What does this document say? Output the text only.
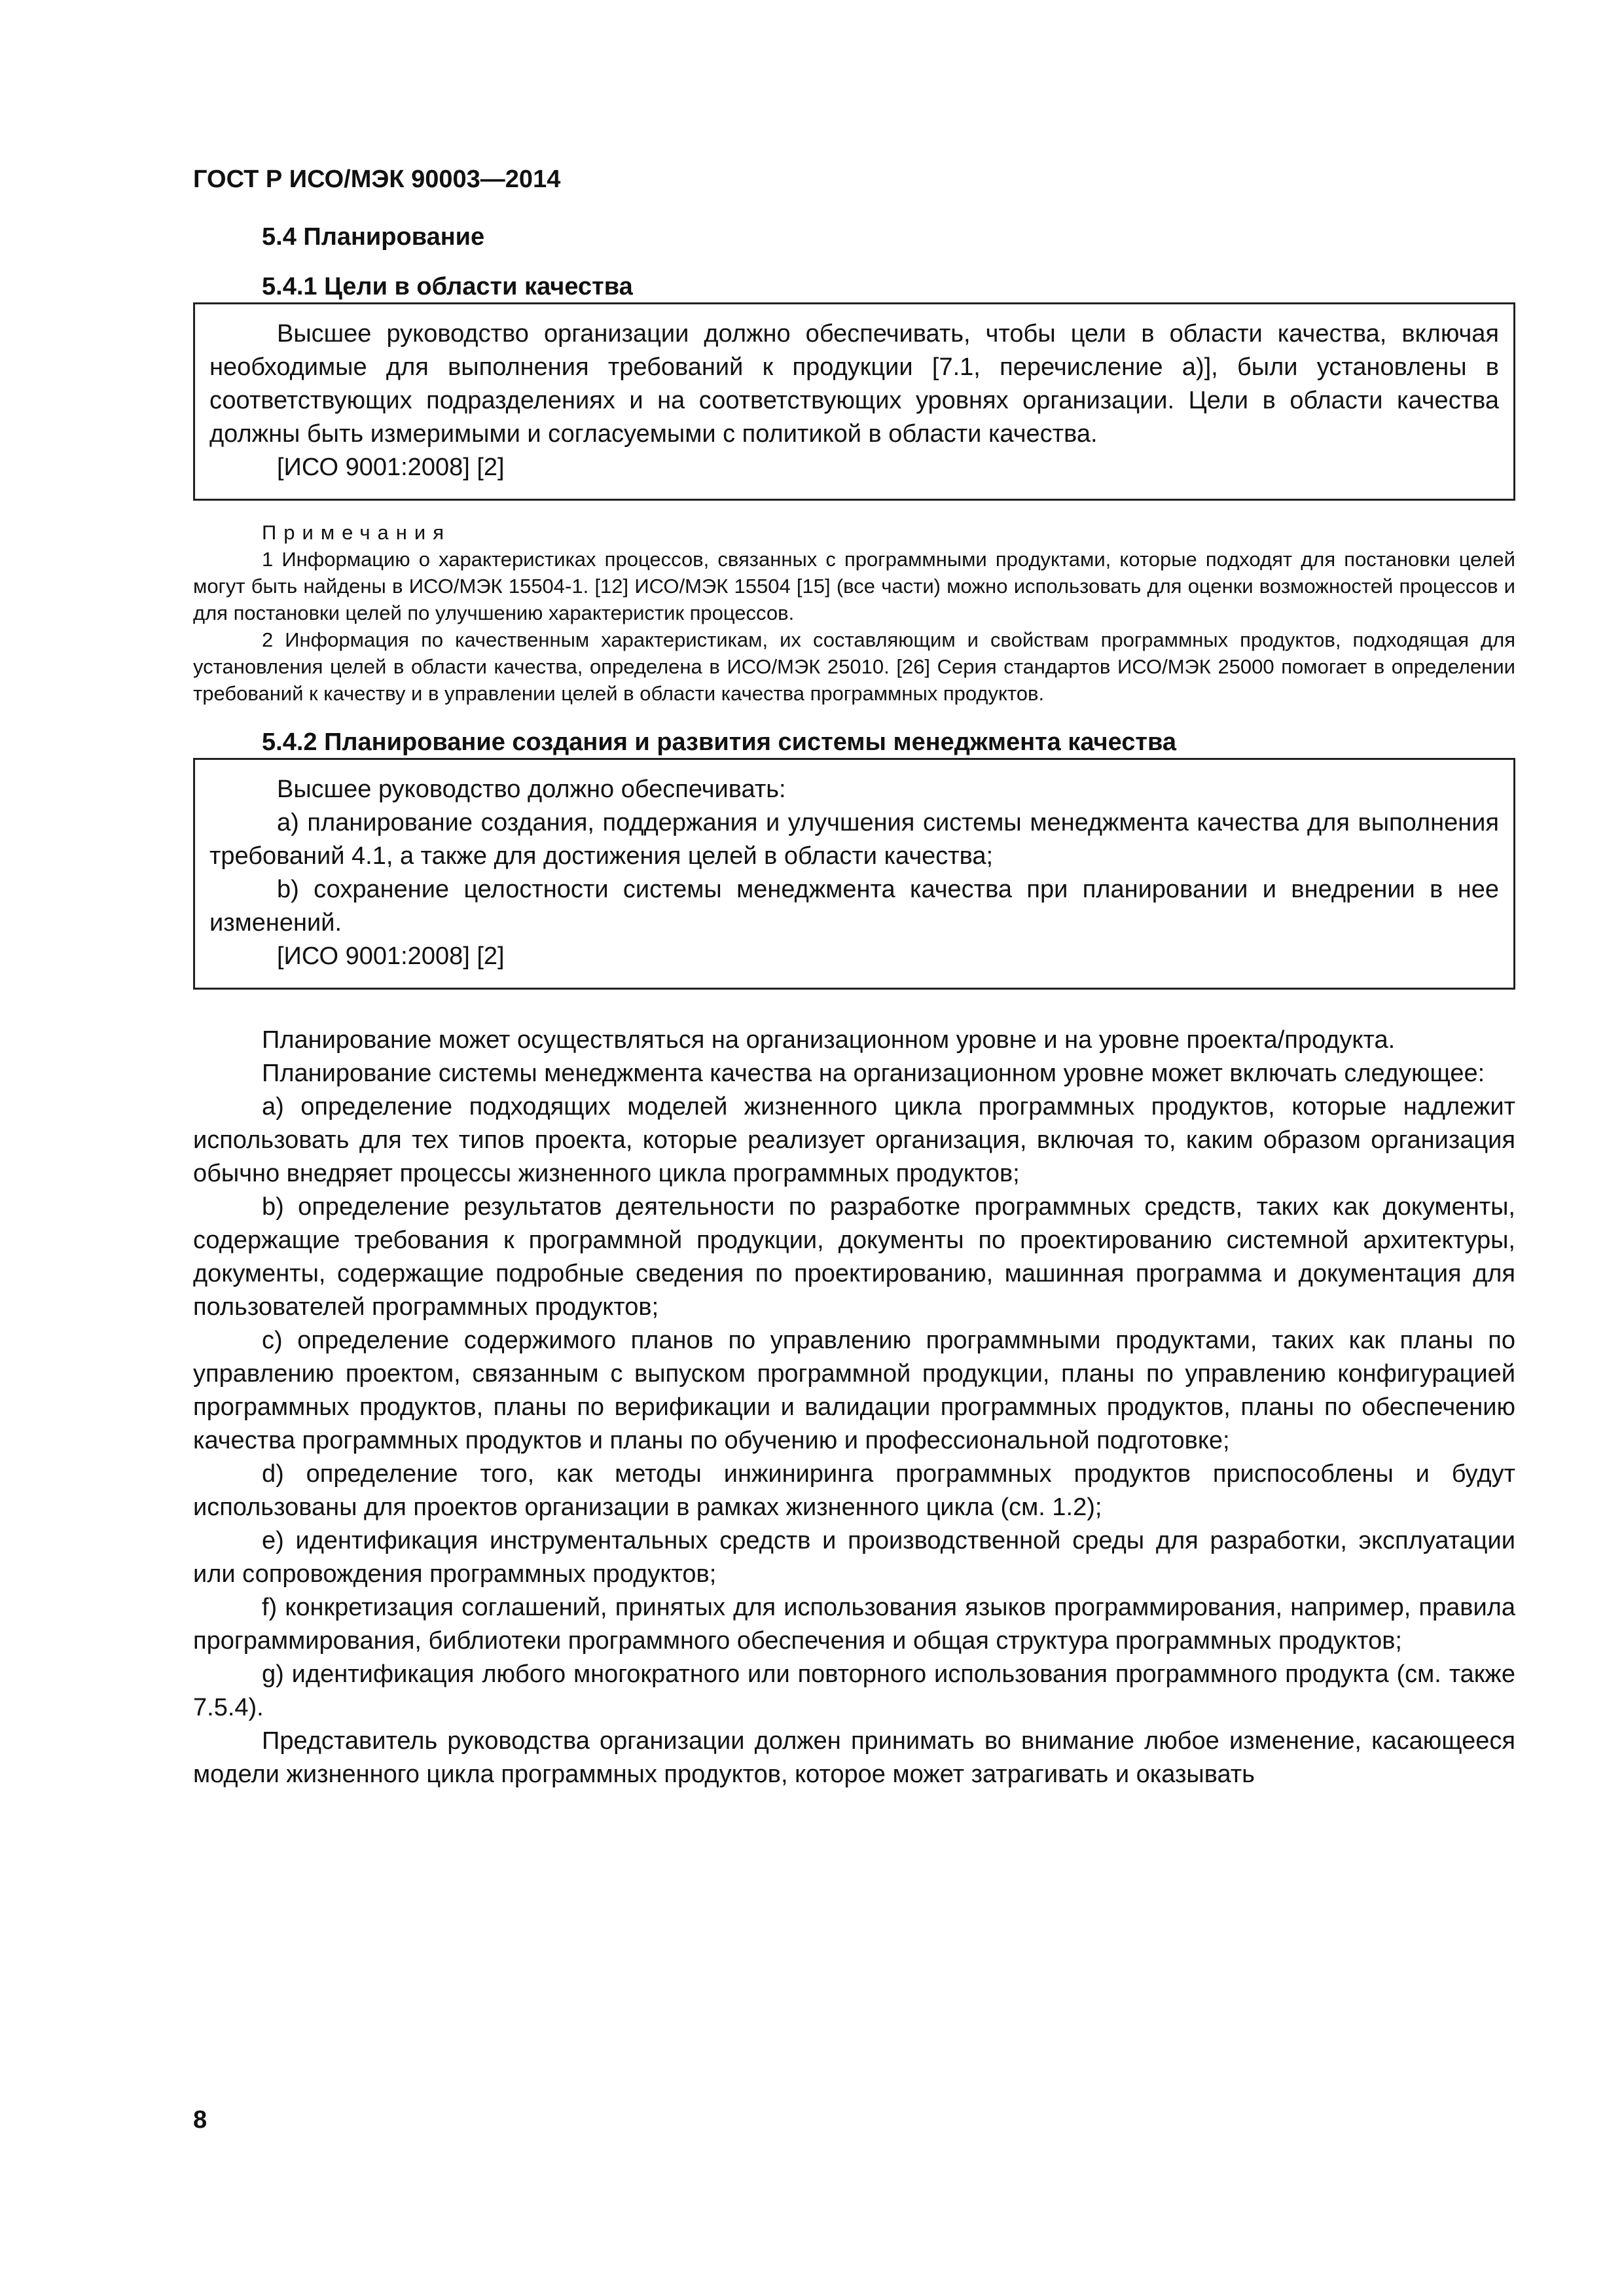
ГОСТ Р ИСО/МЭК 90003—2014
5.4 Планирование
5.4.1 Цели в области качества

Высшее руководство организации должно обеспечивать, чтобы цели в области качества, включая необходимые для выполнения требований к продукции [7.1, перечисление а)], были установлены в соответствующих подразделениях и на соответствующих уровнях организации. Цели в области качества должны быть измеримыми и согласуемыми с политикой в области качества.

[ИСО 9001:2008] [2]

Примечания

1 Информацию о характеристиках процессов, связанных с программными продуктами, которые подходят для постановки целей могут быть найдены в ИСО/МЭК 15504-1. [12] ИСО/МЭК 15504 [15] (все части) можно использовать для оценки возможностей процессов и для постановки целей по улучшению характеристик процессов.

2 Информация по качественным характеристикам, их составляющим и свойствам программных продуктов, подходящая для установления целей в области качества, определена в ИСО/МЭК 25010. [26] Серия стандартов ИСО/МЭК 25000 помогает в определении требований к качеству и в управлении целей в области качества программных продуктов.

5.4.2 Планирование создания и развития системы менеджмента качества

Высшее руководство должно обеспечивать:

а) планирование создания, поддержания и улучшения системы менеджмента качества для выполнения требований 4.1, а также для достижения целей в области качества;

b) сохранение целостности системы менеджмента качества при планировании и внедрении в нее изменений.

[ИСО 9001:2008] [2]

Планирование может осуществляться на организационном уровне и на уровне проекта/продукта.

Планирование системы менеджмента качества на организационном уровне может включать следующее:

а) определение подходящих моделей жизненного цикла программных продуктов, которые надлежит использовать для тех типов проекта, которые реализует организация, включая то, каким образом организация обычно внедряет процессы жизненного цикла программных продуктов;

b) определение результатов деятельности по разработке программных средств, таких как документы, содержащие требования к программной продукции, документы по проектированию системной архитектуры, документы, содержащие подробные сведения по проектированию, машинная программа и документация для пользователей программных продуктов;

с) определение содержимого планов по управлению программными продуктами, таких как планы по управлению проектом, связанным с выпуском программной продукции, планы по управлению конфигурацией программных продуктов, планы по верификации и валидации программных продуктов, планы по обеспечению качества программных продуктов и планы по обучению и профессиональной подготовке;

d) определение того, как методы инжиниринга программных продуктов приспособлены и будут использованы для проектов организации в рамках жизненного цикла (см. 1.2);

е) идентификация инструментальных средств и производственной среды для разработки, эксплуатации или сопровождения программных продуктов;

f) конкретизация соглашений, принятых для использования языков программирования, например, правила программирования, библиотеки программного обеспечения и общая структура программных продуктов;

g) идентификация любого многократного или повторного использования программного продукта (см. также 7.5.4).

Представитель руководства организации должен принимать во внимание любое изменение, касающееся модели жизненного цикла программных продуктов, которое может затрагивать и оказывать

8
